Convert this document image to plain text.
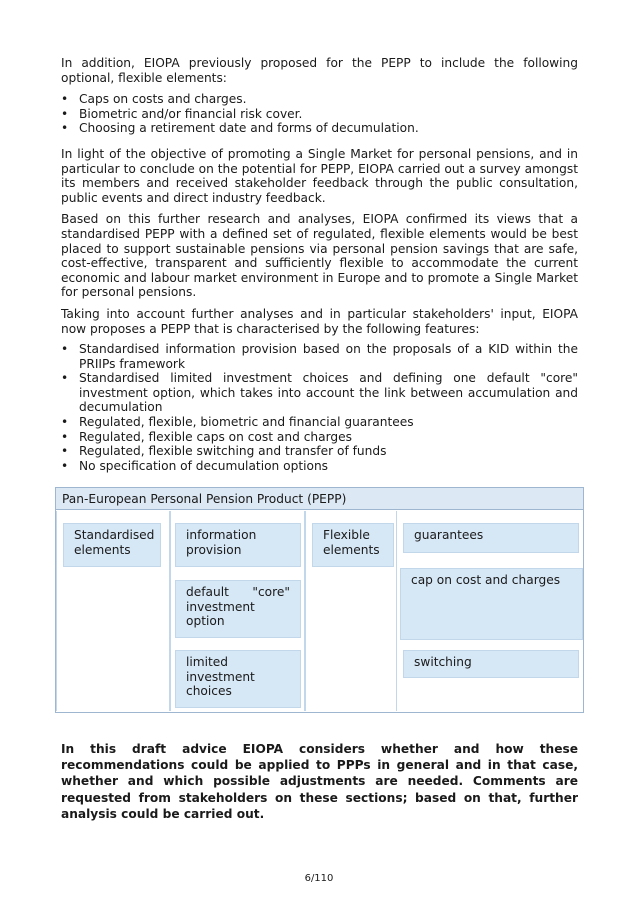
In addition, EIOPA previously proposed for the PEPP to include the following optional, flexible elements:

• Caps on costs and charges.
• Biometric and/or financial risk cover.
• Choosing a retirement date and forms of decumulation.

In light of the objective of promoting a Single Market for personal pensions, and in particular to conclude on the potential for PEPP, EIOPA carried out a survey amongst its members and received stakeholder feedback through the public consultation, public events and direct industry feedback.

Based on this further research and analyses, EIOPA confirmed its views that a standardised PEPP with a defined set of regulated, flexible elements would be best placed to support sustainable pensions via personal pension savings that are safe, cost-effective, transparent and sufficiently flexible to accommodate the current economic and labour market environment in Europe and to promote a Single Market for personal pensions.

Taking into account further analyses and in particular stakeholders' input, EIOPA now proposes a PEPP that is characterised by the following features:

• Standardised information provision based on the proposals of a KID within the PRIIPs framework
• Standardised limited investment choices and defining one default "core" investment option, which takes into account the link between accumulation and decumulation
• Regulated, flexible, biometric and financial guarantees
• Regulated, flexible caps on cost and charges
• Regulated, flexible switching and transfer of funds
• No specification of decumulation options
Pan-European Personal Pension Product (PEPP)
Standardised elements
information provision
default "core"
investment
option
limited investment choices
Flexible elements
guarantees
cap on cost and charges
switching

In this draft advice EIOPA considers whether and how these recommendations could be applied to PPPs in general and in that case, whether and which possible adjustments are needed. Comments are requested from stakeholders on these sections; based on that, further analysis could be carried out.

6/110
